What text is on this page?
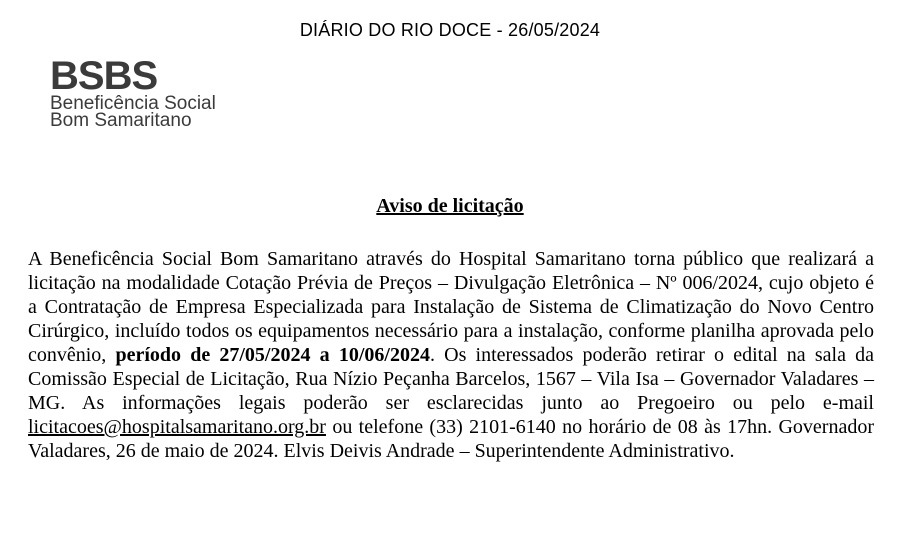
DIÁRIO DO RIO DOCE - 26/05/2024
BSBS
Beneficência Social
Bom Samaritano
Aviso de licitação
A Beneficência Social Bom Samaritano através do Hospital Samaritano torna público que realizará a licitação na modalidade Cotação Prévia de Preços – Divulgação Eletrônica – Nº 006/2024, cujo objeto é a Contratação de Empresa Especializada para Instalação de Sistema de Climatização do Novo Centro Cirúrgico, incluído todos os equipamentos necessário para a instalação, conforme planilha aprovada pelo convênio, período de 27/05/2024 a 10/06/2024. Os interessados poderão retirar o edital na sala da Comissão Especial de Licitação, Rua Nízio Peçanha Barcelos, 1567 – Vila Isa – Governador Valadares – MG. As informações legais poderão ser esclarecidas junto ao Pregoeiro ou pelo e-mail licitacoes@hospitalsamaritano.org.br ou telefone (33) 2101-6140 no horário de 08 às 17hn. Governador Valadares, 26 de maio de 2024. Elvis Deivis Andrade – Superintendente Administrativo.
